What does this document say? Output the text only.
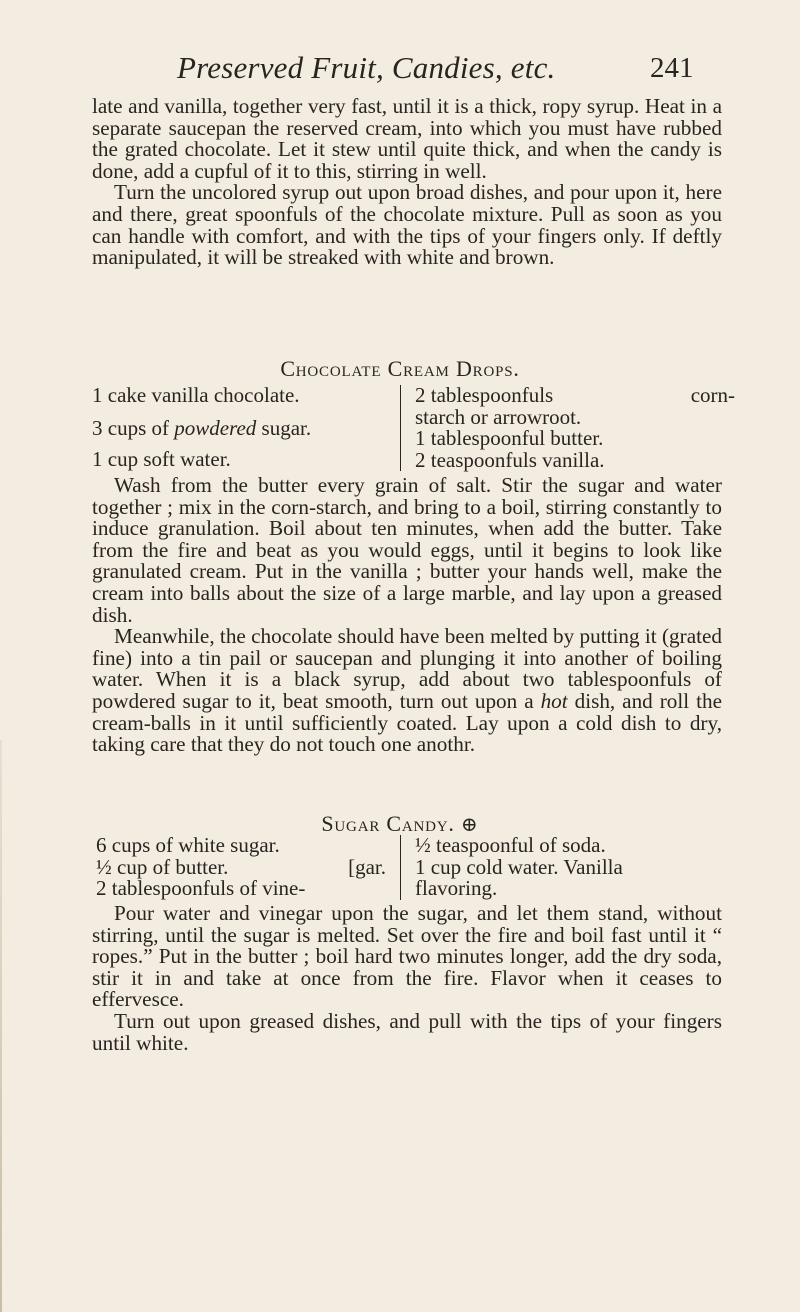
Preserved Fruit, Candies, etc.	241

late and vanilla, together very fast, until it is a thick, ropy syrup. Heat in a separate saucepan the reserved cream, into which you must have rubbed the grated chocolate. Let it stew until quite thick, and when the candy is done, add a cupful of it to this, stirring in well.

Turn the uncolored syrup out upon broad dishes, and pour upon it, here and there, great spoonfuls of the chocolate mixture. Pull as soon as you can handle with comfort, and with the tips of your fingers only. If deftly manipulated, it will be streaked with white and brown.

Chocolate Cream Drops.
1 cake vanilla chocolate.
3 cups of powdered sugar.
1 cup soft water.
2 tablespoonfuls	corn-
starch or arrowroot.
1 tablespoonful butter.
2 teaspoonfuls vanilla.

Wash from the butter every grain of salt. Stir the sugar and water together ; mix in the corn-starch, and bring to a boil, stirring constantly to induce granulation. Boil about ten minutes, when add the butter. Take from the fire and beat as you would eggs, until it begins to look like granulated cream. Put in the vanilla ; butter your hands well, make the cream into balls about the size of a large marble, and lay upon a greased dish.

Meanwhile, the chocolate should have been melted by putting it (grated fine) into a tin pail or saucepan and plunging it into another of boiling water. When it is a black syrup, add about two tablespoonfuls of powdered sugar to it, beat smooth, turn out upon a hot dish, and roll the cream-balls in it until sufficiently coated. Lay upon a cold dish to dry, taking care that they do not touch one anothr.

Sugar Candy. ⊕
6 cups of white sugar.
½ cup of butter.	[gar.
2 tablespoonfuls of vine-
½ teaspoonful of soda.
1 cup cold water. Vanilla
flavoring.

Pour water and vinegar upon the sugar, and let them stand, without stirring, until the sugar is melted. Set over the fire and boil fast until it “ ropes.” Put in the butter ; boil hard two minutes longer, add the dry soda, stir it in and take at once from the fire. Flavor when it ceases to effervesce.

Turn out upon greased dishes, and pull with the tips of your fingers until white.
